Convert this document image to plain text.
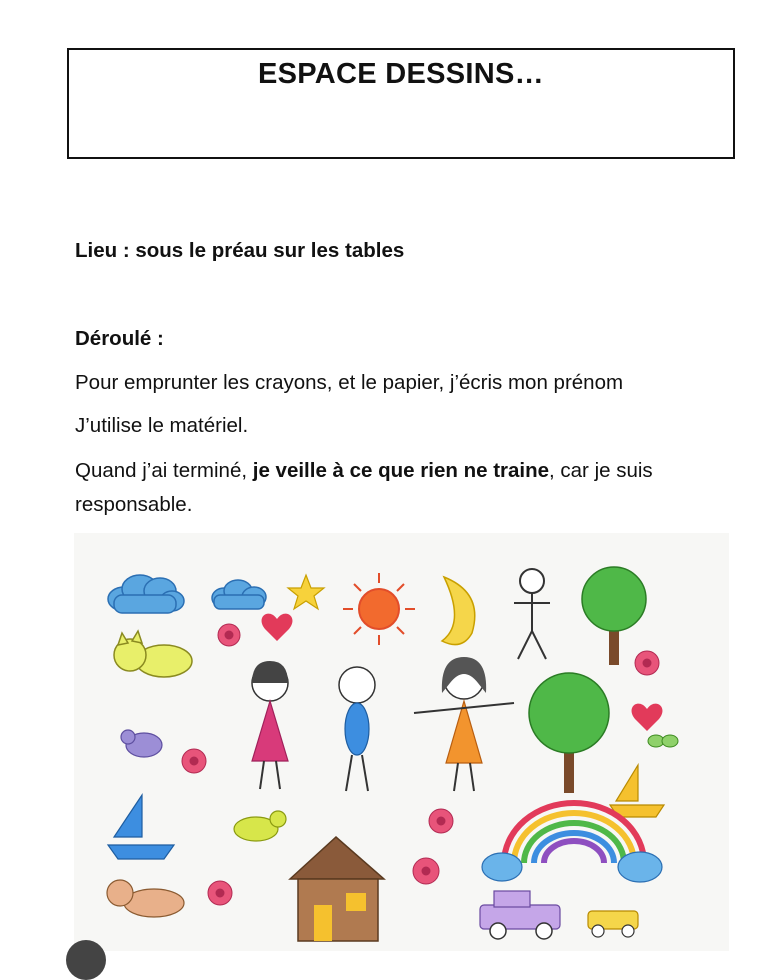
ESPACE DESSINS…
Lieu : sous le préau sur les tables
Déroulé :
Pour emprunter les crayons, et le papier, j’écris mon prénom
J’utilise le matériel.
Quand j’ai terminé, je veille à ce que rien ne traine, car je suis
responsable.
